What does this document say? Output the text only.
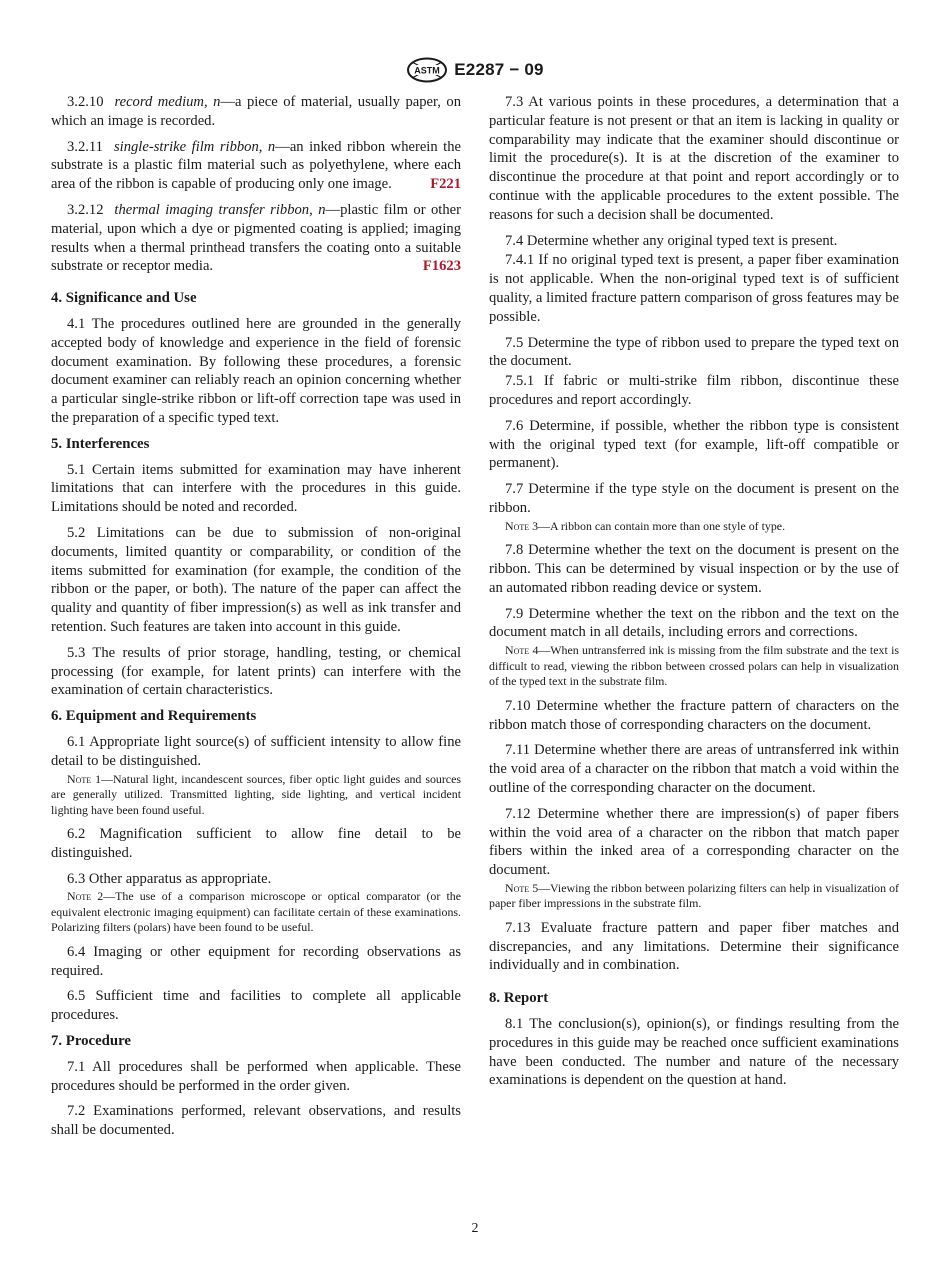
ASTM E2287 − 09

3.2.10 record medium, n—a piece of material, usually paper, on which an image is recorded.

3.2.11 single-strike film ribbon, n—an inked ribbon wherein the substrate is a plastic film material such as polyethylene, where each area of the ribbon is capable of producing only one image.	F221

3.2.12 thermal imaging transfer ribbon, n—plastic film or other material, upon which a dye or pigmented coating is applied; imaging results when a thermal printhead transfers the coating onto a suitable substrate or receptor media.	F1623

4. Significance and Use

4.1 The procedures outlined here are grounded in the generally accepted body of knowledge and experience in the field of forensic document examination. By following these procedures, a forensic document examiner can reliably reach an opinion concerning whether a particular single-strike ribbon or lift-off correction tape was used in the preparation of a specific typed text.

5. Interferences

5.1 Certain items submitted for examination may have inherent limitations that can interfere with the procedures in this guide. Limitations should be noted and recorded.

5.2 Limitations can be due to submission of non-original documents, limited quantity or comparability, or condition of the items submitted for examination (for example, the condition of the ribbon or the paper, or both). The nature of the paper can affect the quality and quantity of fiber impression(s) as well as ink transfer and retention. Such features are taken into account in this guide.

5.3 The results of prior storage, handling, testing, or chemical processing (for example, for latent prints) can interfere with the examination of certain characteristics.

6. Equipment and Requirements

6.1 Appropriate light source(s) of sufficient intensity to allow fine detail to be distinguished.

Note 1—Natural light, incandescent sources, fiber optic light guides and sources are generally utilized. Transmitted lighting, side lighting, and vertical incident lighting have been found useful.

6.2 Magnification sufficient to allow fine detail to be distinguished.

6.3 Other apparatus as appropriate.

Note 2—The use of a comparison microscope or optical comparator (or the equivalent electronic imaging equipment) can facilitate certain of these examinations. Polarizing filters (polars) have been found to be useful.

6.4 Imaging or other equipment for recording observations as required.

6.5 Sufficient time and facilities to complete all applicable procedures.

7. Procedure

7.1 All procedures shall be performed when applicable. These procedures should be performed in the order given.

7.2 Examinations performed, relevant observations, and results shall be documented.

7.3 At various points in these procedures, a determination that a particular feature is not present or that an item is lacking in quality or comparability may indicate that the examiner should discontinue or limit the procedure(s). It is at the discretion of the examiner to discontinue the procedure at that point and report accordingly or to continue with the applicable procedures to the extent possible. The reasons for such a decision shall be documented.

7.4 Determine whether any original typed text is present.

7.4.1 If no original typed text is present, a paper fiber examination is not applicable. When the non-original typed text is of sufficient quality, a limited fracture pattern comparison of gross features may be possible.

7.5 Determine the type of ribbon used to prepare the typed text on the document.

7.5.1 If fabric or multi-strike film ribbon, discontinue these procedures and report accordingly.

7.6 Determine, if possible, whether the ribbon type is consistent with the original typed text (for example, lift-off compatible or permanent).

7.7 Determine if the type style on the document is present on the ribbon.

Note 3—A ribbon can contain more than one style of type.

7.8 Determine whether the text on the document is present on the ribbon. This can be determined by visual inspection or by the use of an automated ribbon reading device or system.

7.9 Determine whether the text on the ribbon and the text on the document match in all details, including errors and corrections.

Note 4—When untransferred ink is missing from the film substrate and the text is difficult to read, viewing the ribbon between crossed polars can help in visualization of the typed text in the substrate film.

7.10 Determine whether the fracture pattern of characters on the ribbon match those of corresponding characters on the document.

7.11 Determine whether there are areas of untransferred ink within the void area of a character on the ribbon that match a void within the outline of the corresponding character on the document.

7.12 Determine whether there are impression(s) of paper fibers within the void area of a character on the ribbon that match paper fibers within the inked area of a corresponding character on the document.

Note 5—Viewing the ribbon between polarizing filters can help in visualization of paper fiber impressions in the substrate film.

7.13 Evaluate fracture pattern and paper fiber matches and discrepancies, and any limitations. Determine their significance individually and in combination.

8. Report

8.1 The conclusion(s), opinion(s), or findings resulting from the procedures in this guide may be reached once sufficient examinations have been conducted. The number and nature of the necessary examinations is dependent on the question at hand.

2
